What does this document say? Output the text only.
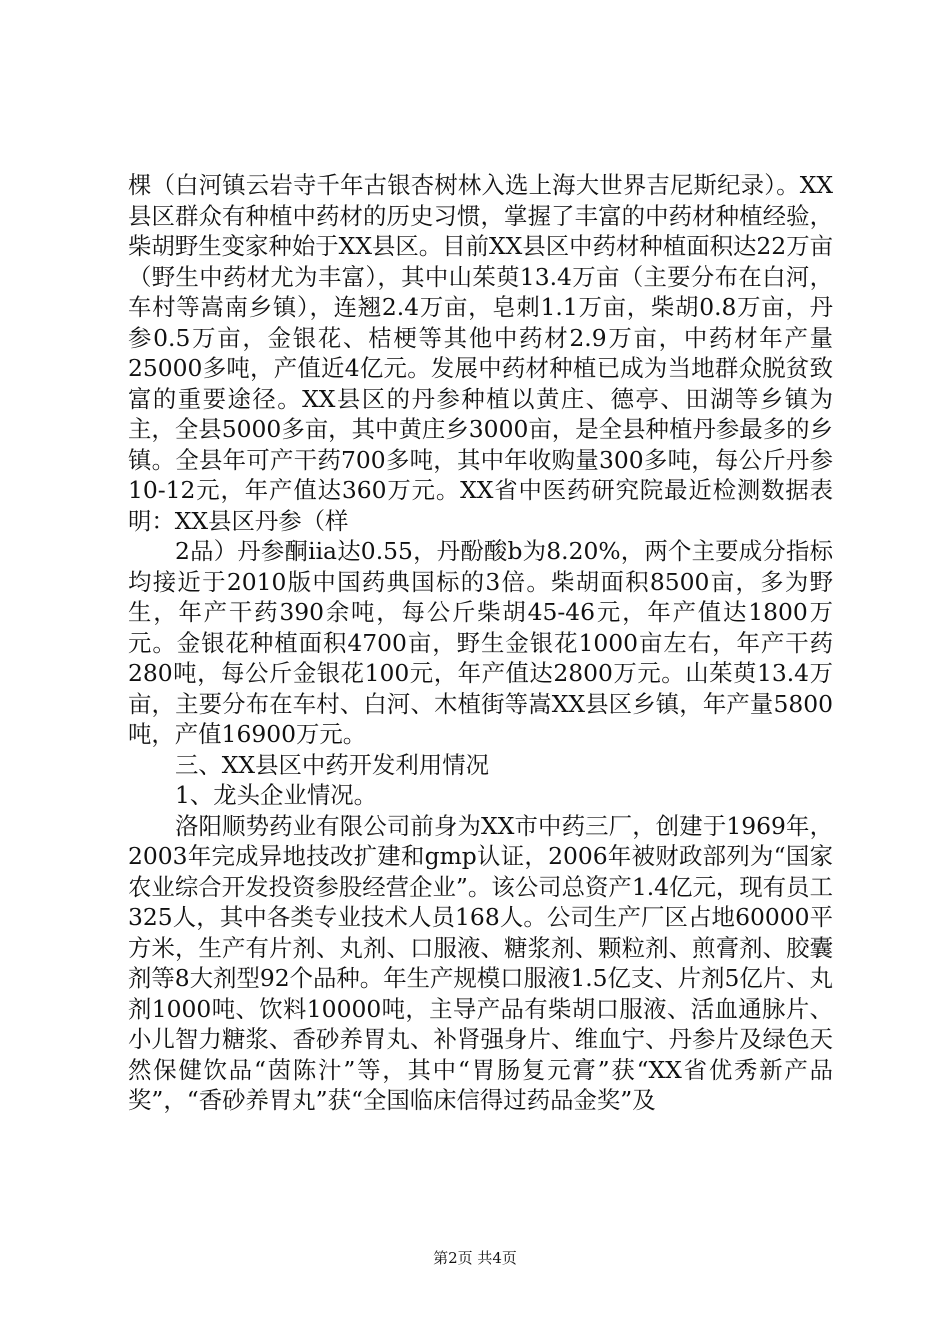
棵（白河镇云岩寺千年古银杏树林入选上海大世界吉尼斯纪录）。XX县区群众有种植中药材的历史习惯，掌握了丰富的中药材种植经验，柴胡野生变家种始于XX县区。目前XX县区中药材种植面积达22万亩（野生中药材尤为丰富），其中山茱萸13.4万亩（主要分布在白河，车村等嵩南乡镇），连翘2.4万亩，皂刺1.1万亩，柴胡0.8万亩，丹参0.5万亩，金银花、桔梗等其他中药材2.9万亩，中药材年产量25000多吨，产值近4亿元。发展中药材种植已成为当地群众脱贫致富的重要途径。XX县区的丹参种植以黄庄、德亭、田湖等乡镇为主，全县5000多亩，其中黄庄乡3000亩，是全县种植丹参最多的乡镇。全县年可产干药700多吨，其中年收购量300多吨，每公斤丹参10-12元，年产值达360万元。XX省中医药研究院最近检测数据表明：XX县区丹参（样

2品）丹参酮iia达0.55，丹酚酸b为8.20%，两个主要成分指标均接近于2010版中国药典国标的3倍。柴胡面积8500亩，多为野生，年产干药390余吨，每公斤柴胡45-46元，年产值达1800万元。金银花种植面积4700亩，野生金银花1000亩左右，年产干药280吨，每公斤金银花100元，年产值达2800万元。山茱萸13.4万亩，主要分布在车村、白河、木植街等嵩XX县区乡镇，年产量5800吨，产值16900万元。

三、XX县区中药开发利用情况

1、龙头企业情况。

洛阳顺势药业有限公司前身为XX市中药三厂，创建于1969年，2003年完成异地技改扩建和gmp认证，2006年被财政部列为“国家农业综合开发投资参股经营企业”。该公司总资产1.4亿元，现有员工325人，其中各类专业技术人员168人。公司生产厂区占地60000平方米，生产有片剂、丸剂、口服液、糖浆剂、颗粒剂、煎膏剂、胶囊剂等8大剂型92个品种。年生产规模口服液1.5亿支、片剂5亿片、丸剂1000吨、饮料10000吨，主导产品有柴胡口服液、活血通脉片、小儿智力糖浆、香砂养胃丸、补肾强身片、维血宁、丹参片及绿色天然保健饮品“茵陈汁”等，其中“胃肠复元膏”获“XX省优秀新产品奖”，“香砂养胃丸”获“全国临床信得过药品金奖”及

第2页 共4页
